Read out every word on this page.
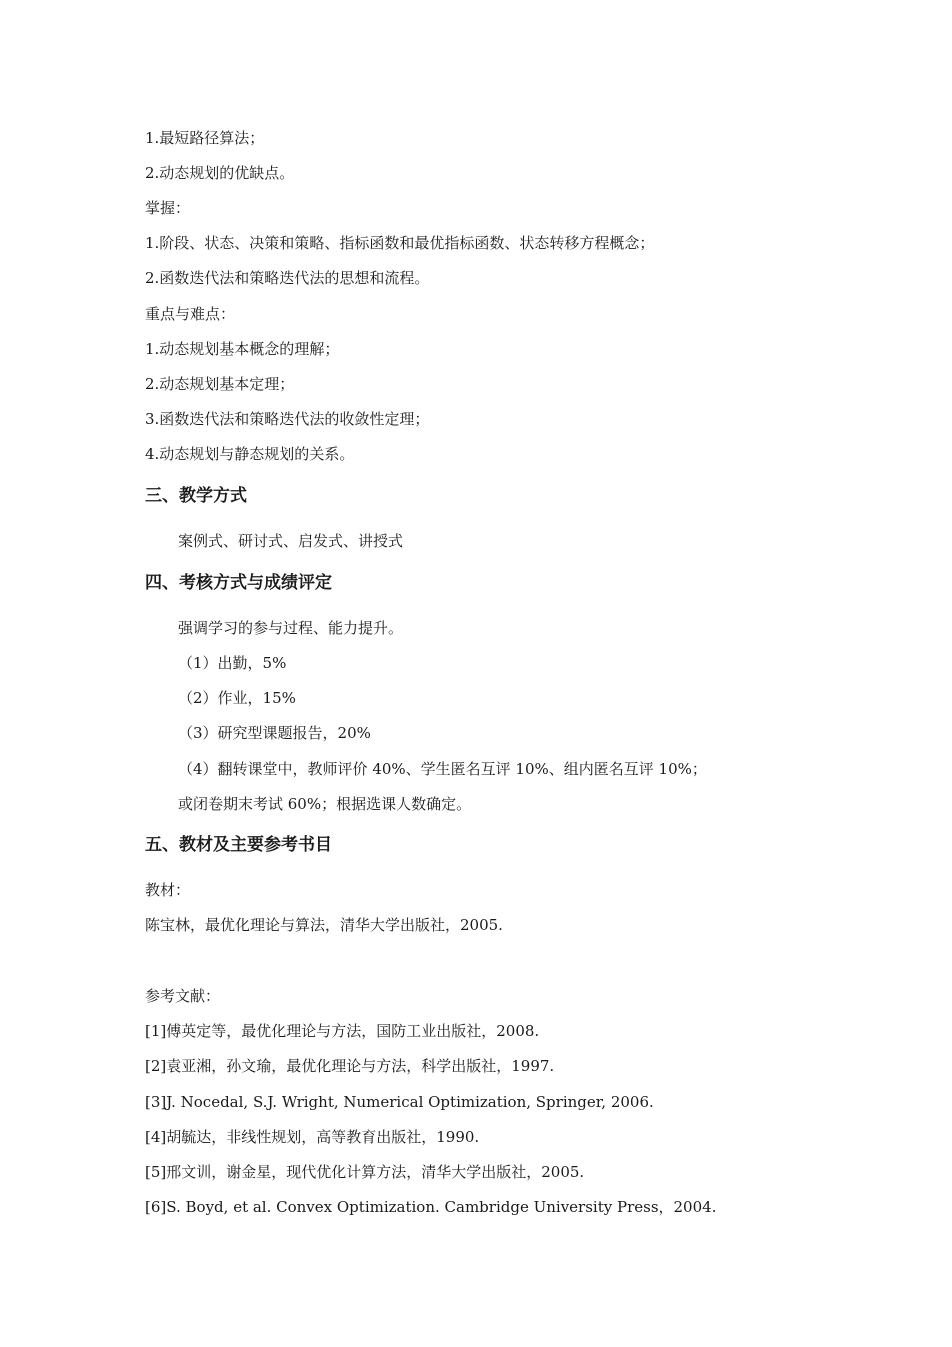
1.最短路径算法；
2.动态规划的优缺点。
掌握：
1.阶段、状态、决策和策略、指标函数和最优指标函数、状态转移方程概念；
2.函数迭代法和策略迭代法的思想和流程。
重点与难点：
1.动态规划基本概念的理解；
2.动态规划基本定理；
3.函数迭代法和策略迭代法的收敛性定理；
4.动态规划与静态规划的关系。
三、教学方式
案例式、研讨式、启发式、讲授式
四、考核方式与成绩评定
强调学习的参与过程、能力提升。
（1）出勤，5%
（2）作业，15%
（3）研究型课题报告，20%
（4）翻转课堂中，教师评价 40%、学生匿名互评 10%、组内匿名互评 10%；
或闭卷期末考试 60%；根据选课人数确定。
五、教材及主要参考书目
教材：
陈宝林，最优化理论与算法，清华大学出版社，2005.
参考文献：
[1]傅英定等，最优化理论与方法，国防工业出版社，2008.
[2]袁亚湘，孙文瑜，最优化理论与方法，科学出版社，1997.
[3]J. Nocedal, S.J. Wright, Numerical Optimization, Springer, 2006.
[4]胡毓达，非线性规划，高等教育出版社，1990.
[5]邢文训，谢金星，现代优化计算方法，清华大学出版社，2005.
[6]S. Boyd, et al. Convex Optimization. Cambridge University Press，2004.
